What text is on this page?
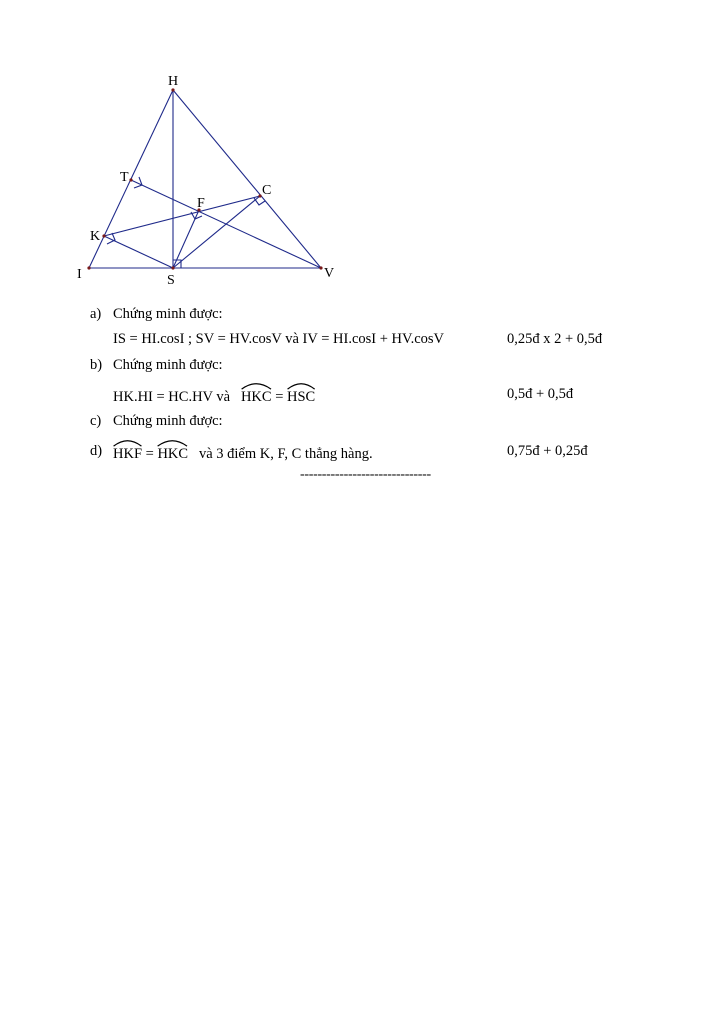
H
T
C
F
K
I	S	V
a) Chứng minh được:
IS = HI.cosI ; SV = HV.cosV và IV = HI.cosI + HV.cosV	0,25đ x 2 + 0,5đ
b) Chứng minh được:
HK.HI = HC.HV và HKC = HSC	0,5đ + 0,5đ
c) Chứng minh được:
d) HKF = HKC và 3 điểm K, F, C thẳng hàng.	0,75đ + 0,25đ
------------------------------
